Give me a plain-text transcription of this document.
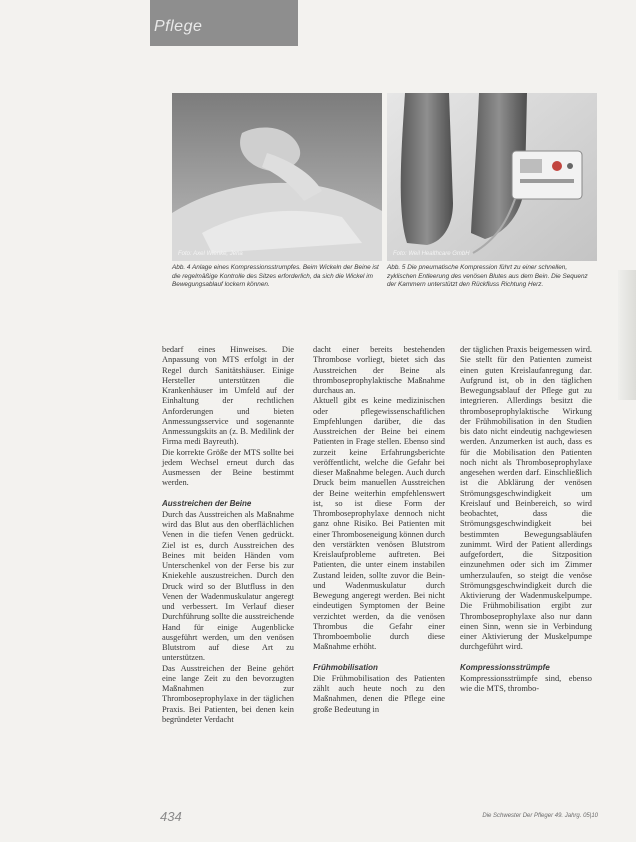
Pflege
Foto: Axel Wienke, Jena	Foto: Weil Healthcare GmbH
Abb. 4 Anlage eines Kompressionsstrumpfes. Beim Wickeln der Beine ist die regelmäßige Kontrolle des Sitzes erforderlich, da sich die Wickel im Bewegungsablauf lockern können.
Abb. 5 Die pneumatische Kompression führt zu einer schnellen, zyklischen Entleerung des venösen Blutes aus dem Bein. Die Sequenz der Kammern unterstützt den Rückfluss Richtung Herz.

bedarf eines Hinweises. Die Anpassung von MTS erfolgt in der Regel durch Sanitätshäuser. Einige Hersteller unterstützen die Krankenhäuser im Umfeld auf der Einhaltung der rechtlichen Anforderungen und bieten Anmessungsservice und sogenannte Anmessungskits an (z. B. Medilink der Firma medi Bayreuth).

Die korrekte Größe der MTS sollte bei jedem Wechsel erneut durch das Ausmessen der Beine bestimmt werden.

Ausstreichen der Beine

Durch das Ausstreichen als Maßnahme wird das Blut aus den oberflächlichen Venen in die tiefen Venen gedrückt. Ziel ist es, durch Ausstreichen des Beines mit beiden Händen vom Unterschenkel von der Ferse bis zur Kniekehle auszustreichen. Durch den Druck wird so der Blutfluss in den Venen der Wadenmuskulatur angeregt und verbessert. Im Verlauf dieser Durchführung sollte die ausstreichende Hand für einige Augenblicke ausgeführt werden, um den venösen Blutstrom auf diese Art zu unterstützen.

Das Ausstreichen der Beine gehört eine lange Zeit zu den bevorzugten Maßnahmen zur Thromboseprophylaxe in der täglichen Praxis. Bei Patienten, bei denen kein begründeter Verdacht

dacht einer bereits bestehenden Thrombose vorliegt, bietet sich das Ausstreichen der Beine als thromboseprophylaktische Maßnahme durchaus an.

Aktuell gibt es keine medizinischen oder pflegewissenschaftlichen Empfehlungen darüber, die das Ausstreichen der Beine bei einem Patienten in Frage stellen. Ebenso sind zurzeit keine Erfahrungsberichte veröffentlicht, welche die Gefahr bei dieser Maßnahme belegen. Auch durch Druck beim manuellen Ausstreichen der Beine weiterhin empfehlenswert ist, so ist diese Form der Thromboseprophylaxe dennoch nicht ganz ohne Risiko. Bei Patienten mit einer Thromboseneigung können durch den verstärkten venösen Blutstrom Kreislaufprobleme auftreten. Bei Patienten, die unter einem instabilen Zustand leiden, sollte zuvor die Bein- und Wadenmuskulatur durch Bewegung angeregt werden. Bei nicht eindeutigen Symptomen der Beine verzichtet werden, da die venösen Thrombus die Gefahr einer Thromboembolie durch diese Maßnahme erhöht.

Frühmobilisation

Die Frühmobilisation des Patienten zählt auch heute noch zu den Maßnahmen, denen die Pflege eine große Bedeutung in

der täglichen Praxis beigemessen wird. Sie stellt für den Patienten zumeist einen guten Kreislaufanregung dar. Aufgrund ist, ob in den täglichen Bewegungsablauf der Pflege gut zu integrieren. Allerdings besitzt die thromboseprophylaktische Wirkung der Frühmobilisation in den Studien bis dato nicht eindeutig nachgewiesen werden. Anzumerken ist auch, dass es für die Mobilisation den Patienten noch nicht als Thromboseprophylaxe angesehen werden darf. Einschließlich ist die Abklärung der venösen Strömungsgeschwindigkeit um Kreislauf und Beinbereich, so wird beobachtet, dass die Strömungsgeschwindigkeit bei bestimmten Bewegungsabläufen zunimmt. Wird der Patient allerdings aufgefordert, die Sitzposition einzunehmen oder sich im Zimmer umherzulaufen, so steigt die venöse Strömungsgeschwindigkeit durch die Aktivierung der Wadenmuskelpumpe. Die Frühmobilisation ergibt zur Thromboseprophylaxe also nur dann einen Sinn, wenn sie in Verbindung einer Aktivierung der Muskelpumpe durchgeführt wird.

Kompressionsstrümpfe

Kompressionsstrümpfe sind, ebenso wie die MTS, thrombo-

434	Die Schwester Der Pfleger 49. Jahrg. 05|10
